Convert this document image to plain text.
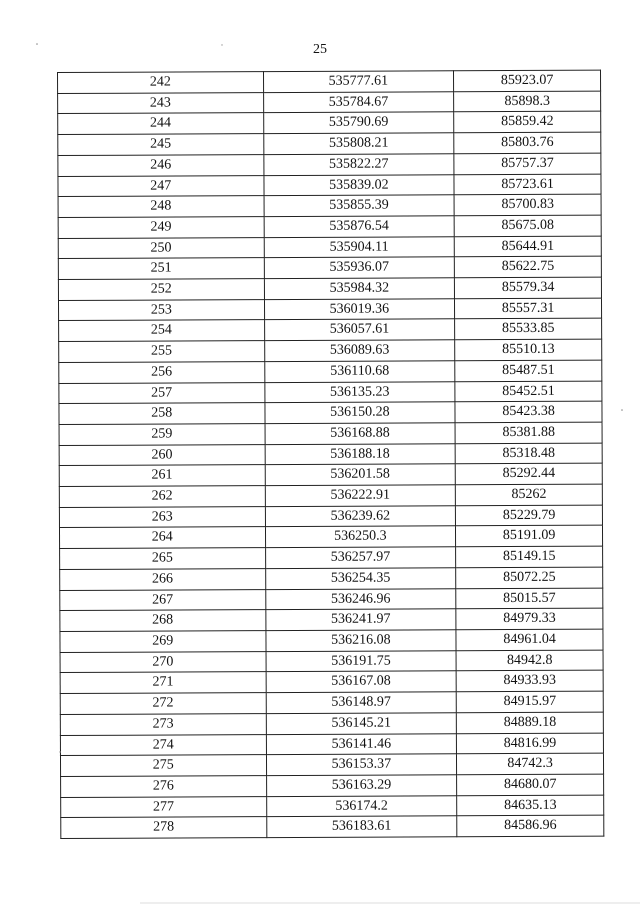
25
242	535777.61	85923.07
243	535784.67	85898.3
244	535790.69	85859.42
245	535808.21	85803.76
246	535822.27	85757.37
247	535839.02	85723.61
248	535855.39	85700.83
249	535876.54	85675.08
250	535904.11	85644.91
251	535936.07	85622.75
252	535984.32	85579.34
253	536019.36	85557.31
254	536057.61	85533.85
255	536089.63	85510.13
256	536110.68	85487.51
257	536135.23	85452.51
258	536150.28	85423.38
259	536168.88	85381.88
260	536188.18	85318.48
261	536201.58	85292.44
262	536222.91	85262
263	536239.62	85229.79
264	536250.3	85191.09
265	536257.97	85149.15
266	536254.35	85072.25
267	536246.96	85015.57
268	536241.97	84979.33
269	536216.08	84961.04
270	536191.75	84942.8
271	536167.08	84933.93
272	536148.97	84915.97
273	536145.21	84889.18
274	536141.46	84816.99
275	536153.37	84742.3
276	536163.29	84680.07
277	536174.2	84635.13
278	536183.61	84586.96
